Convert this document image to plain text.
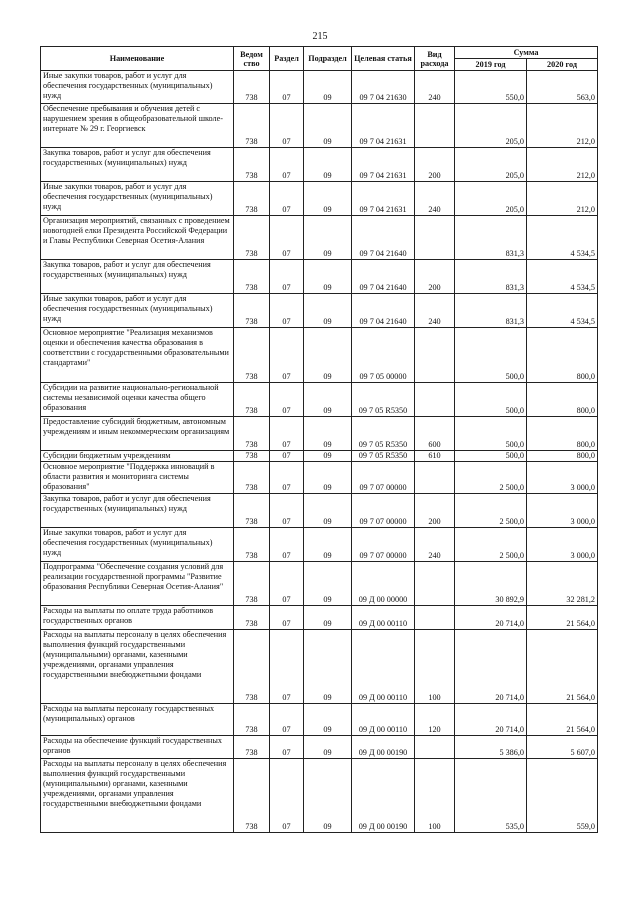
215
Наименование	Ведом ство	Раздел	Подраздел	Целевая статья	Вид расхода	Сумма	
						2019 год	2020 год
Иные закупки товаров, работ и услуг для обеспечения государственных (муниципальных) нужд	738	07	09	09 7 04 21630	240	550,0	563,0
Обеспечение пребывания и обучения детей с нарушением зрения в общеобразовательной школе-интернате № 29 г. Георгиевск	738	07	09	09 7 04 21631		205,0	212,0
Закупка товаров, работ и услуг для обеспечения государственных (муниципальных) нужд	738	07	09	09 7 04 21631	200	205,0	212,0
Иные закупки товаров, работ и услуг для обеспечения государственных (муниципальных) нужд	738	07	09	09 7 04 21631	240	205,0	212,0
Организация мероприятий, связанных с проведением новогодней елки Президента Российской Федерации и Главы Республики Северная Осетия-Алания	738	07	09	09 7 04 21640		831,3	4 534,5
Закупка товаров, работ и услуг для обеспечения государственных (муниципальных) нужд	738	07	09	09 7 04 21640	200	831,3	4 534,5
Иные закупки товаров, работ и услуг для обеспечения государственных (муниципальных) нужд	738	07	09	09 7 04 21640	240	831,3	4 534,5
Основное мероприятие "Реализация механизмов оценки и обеспечения качества образования в соответствии с государственными образовательными стандартами"	738	07	09	09 7 05 00000		500,0	800,0
Субсидии на развитие национально-региональной системы независимой оценки качества общего образования	738	07	09	09 7 05 R5350		500,0	800,0
Предоставление субсидий бюджетным, автономным учреждениям и иным некоммерческим организациям	738	07	09	09 7 05 R5350	600	500,0	800,0
Субсидии бюджетным учреждениям	738	07	09	09 7 05 R5350	610	500,0	800,0
Основное мероприятие "Поддержка инноваций в области развития и мониторинга системы образования"	738	07	09	09 7 07 00000		2 500,0	3 000,0
Закупка товаров, работ и услуг для обеспечения государственных (муниципальных) нужд	738	07	09	09 7 07 00000	200	2 500,0	3 000,0
Иные закупки товаров, работ и услуг для обеспечения государственных (муниципальных) нужд	738	07	09	09 7 07 00000	240	2 500,0	3 000,0
Подпрограмма "Обеспечение создания условий для реализации государственной программы "Развитие образования Республики Северная Осетия-Алания"	738	07	09	09 Д 00 00000		30 892,9	32 281,2
Расходы на выплаты по оплате труда работников государственных органов	738	07	09	09 Д 00 00110		20 714,0	21 564,0
Расходы на выплаты персоналу в целях обеспечения выполнения функций государственными (муниципальными) органами, казенными учреждениями, органами управления государственными внебюджетными фондами	738	07	09	09 Д 00 00110	100	20 714,0	21 564,0
Расходы на выплаты персоналу государственных (муниципальных) органов	738	07	09	09 Д 00 00110	120	20 714,0	21 564,0
Расходы на обеспечение функций государственных органов	738	07	09	09 Д 00 00190		5 386,0	5 607,0
Расходы на выплаты персоналу в целях обеспечения выполнения функций государственными (муниципальными) органами, казенными учреждениями, органами управления государственными внебюджетными фондами	738	07	09	09 Д 00 00190	100	535,0	559,0
